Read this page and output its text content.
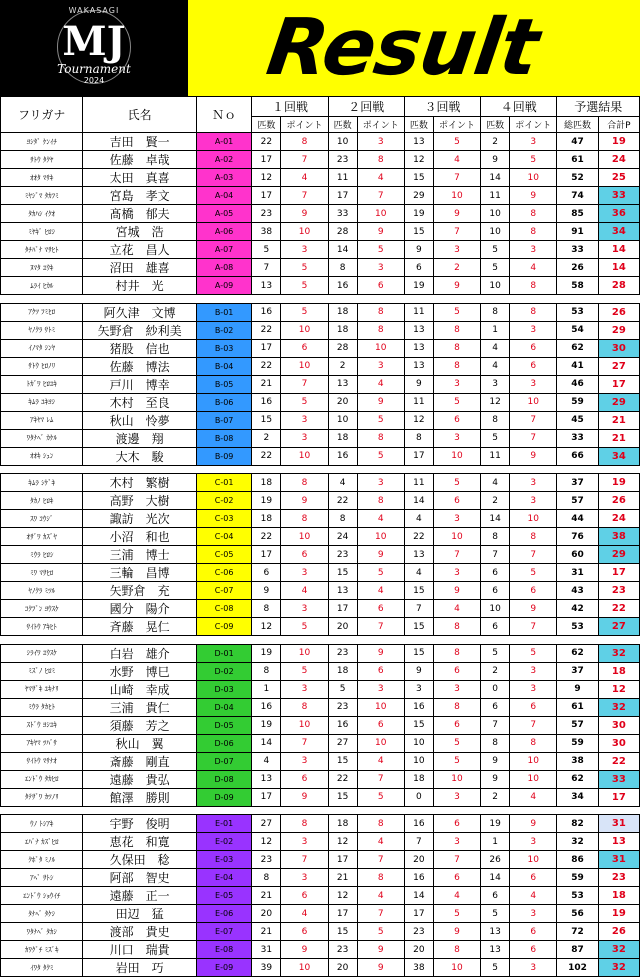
WAKASAGI
MJ
Tournament
2024	Result
フリガナ	氏名	Ｎｏ	１回戦		２回戦		３回戦		４回戦		予選結果	
			匹数	ポイント	匹数	ポイント	匹数	ポイント	匹数	ポイント	総匹数	合計P
ﾖｼﾀﾞ ｹﾝｲﾁ	吉田　賢一	A-01	22	8	10	3	13	5	2	3	47	19
ｻﾄｳ ﾀｸﾔ	佐藤　卓哉	A-02	17	7	23	8	12	4	9	5	61	24
ｵｵﾀ ﾏｻｷ	太田　真喜	A-03	12	4	11	4	15	7	14	10	52	25
ﾐﾔｼﾞﾏ ﾀｶﾌﾐ	宮島　孝文	A-04	17	7	17	7	29	10	11	9	74	33
ﾀｶﾊｼ ｲｸｵ	髙橋　郁夫	A-05	23	9	33	10	19	9	10	8	85	36
ﾐﾔｷﾞ ﾋﾛｼ	宮城　浩	A-06	38	10	28	9	15	7	10	8	91	34
ﾀﾁﾊﾞﾅ ﾏｻﾋﾄ	立花　昌人	A-07	5	3	14	5	9	3	5	3	33	14
ﾇﾏﾀ ﾕｳｷ	沼田　雄喜	A-08	7	5	8	3	6	2	5	4	26	14
ﾑﾗｲ ﾋｶﾙ	村井　光	A-09	13	5	16	6	19	9	10	8	58	28

ｱｸﾂ ﾌﾐﾋﾛ	阿久津　文博	B-01	16	5	18	8	11	5	8	8	53	26
ﾔﾉｸﾗ ｻﾄﾐ	矢野倉　紗利美	B-02	22	10	18	8	13	8	1	3	54	29
ｲﾉﾏﾀ ｼﾝﾔ	猪股　信也	B-03	17	6	28	10	13	8	4	6	62	30
ｻﾄｳ ﾋﾛﾉﾘ	佐藤　博法	B-04	22	10	2	3	13	8	4	6	41	27
ﾄｶﾞﾜ ﾋﾛﾕｷ	戸川　博幸	B-05	21	7	13	4	9	3	3	3	46	17
ｷﾑﾗ ﾕｷﾖｼ	木村　至良	B-06	16	5	20	9	11	5	12	10	59	29
ｱｷﾔﾏ ﾚﾑ	秋山　怜夢	B-07	15	3	10	5	12	6	8	7	45	21
ﾜﾀﾅﾍﾞ ｶｹﾙ	渡邊　翔	B-08	2	3	18	8	8	3	5	7	33	21
ｵｵｷ ｼｭﾝ	大木　駿	B-09	22	10	16	5	17	10	11	9	66	34

ｷﾑﾗ ｼｹﾞｷ	木村　繁樹	C-01	18	8	4	3	11	5	4	3	37	19
ﾀｶﾉ ﾋﾛｷ	高野　大樹	C-02	19	9	22	8	14	6	2	3	57	26
ｽﾜ ｺｳｼﾞ	諏訪　光次	C-03	18	8	8	4	4	3	14	10	44	24
ｵｻﾞﾜ ｶｽﾞﾔ	小沼　和也	C-04	22	10	24	10	22	10	8	8	76	38
ﾐｳﾗ ﾋﾛｼ	三浦　博士	C-05	17	6	23	9	13	7	7	7	60	29
ﾐﾜ ﾏｻﾋﾛ	三輪　昌博	C-06	6	3	15	5	4	3	6	5	31	17
ﾔﾉｸﾗ ﾐﾂﾙ	矢野倉　充	C-07	9	4	13	4	15	9	6	6	43	23
ｺｸﾌﾞﾝ ﾖｳｽｹ	國分　陽介	C-08	8	3	17	6	7	4	10	9	42	22
ｻｲﾄｳ ｱｷﾋﾄ	斉藤　晃仁	C-09	12	5	20	7	15	8	6	7	53	27

ｼﾗｲﾜ ﾕｳｽｹ	白岩　雄介	D-01	19	10	23	9	15	8	5	5	62	32
ﾐｽﾞﾉ ﾋﾛﾐ	水野　博巳	D-02	8	5	18	6	9	6	2	3	37	18
ﾔﾏｻﾞｷ ﾕｷﾅﾘ	山崎　幸成	D-03	1	3	5	3	3	3	0	3	9	12
ﾐｳﾗ ﾀｶﾋﾄ	三浦　貴仁	D-04	16	8	23	10	16	8	6	6	61	32
ｽﾄﾞｳ ﾖｼﾕｷ	須藤　芳之	D-05	19	10	16	6	15	6	7	7	57	30
ｱｷﾔﾏ ﾂﾊﾞｻ	秋山　翼	D-06	14	7	27	10	10	5	8	8	59	30
ｻｲﾄｳ ﾏｻﾅｵ	斎藤　剛直	D-07	4	3	15	4	10	5	9	10	38	22
ｴﾝﾄﾞｳ ﾀｶﾋﾛ	遠藤　貴弘	D-08	13	6	22	7	18	10	9	10	62	33
ﾀﾃｻﾞﾜ ｶﾂﾉﾘ	館澤　勝則	D-09	17	9	15	5	0	3	2	4	34	17

ｳﾉ ﾄｼｱｷ	宇野　俊明	E-01	27	8	18	8	16	6	19	9	82	31
ｴﾊﾞﾅ ｶｽﾞﾋﾛ	恵花　和寛	E-02	12	3	12	4	7	3	1	3	32	13
ｸﾎﾞﾀ ﾐﾉﾙ	久保田　稔	E-03	23	7	17	7	20	7	26	10	86	31
ｱﾍﾞ ｻﾄｼ	阿部　智史	E-04	8	3	21	8	16	6	14	6	59	23
ｴﾝﾄﾞｳ ｼｮｳｲﾁ	遠藤　正一	E-05	21	6	12	4	14	4	6	4	53	18
ﾀﾅﾍﾞ ﾀｹｼ	田辺　猛	E-06	20	4	17	7	17	5	5	3	56	19
ﾜﾀﾅﾍﾞ ﾀｶｼ	渡部　貴史	E-07	21	6	15	5	23	9	13	6	72	26
ｶﾜｸﾞﾁ ﾐｽﾞｷ	川口　瑞貴	E-08	31	9	23	9	20	8	13	6	87	32
ｲﾜﾀ ﾀｸﾐ	岩田　巧	E-09	39	10	20	9	38	10	5	3	102	32
